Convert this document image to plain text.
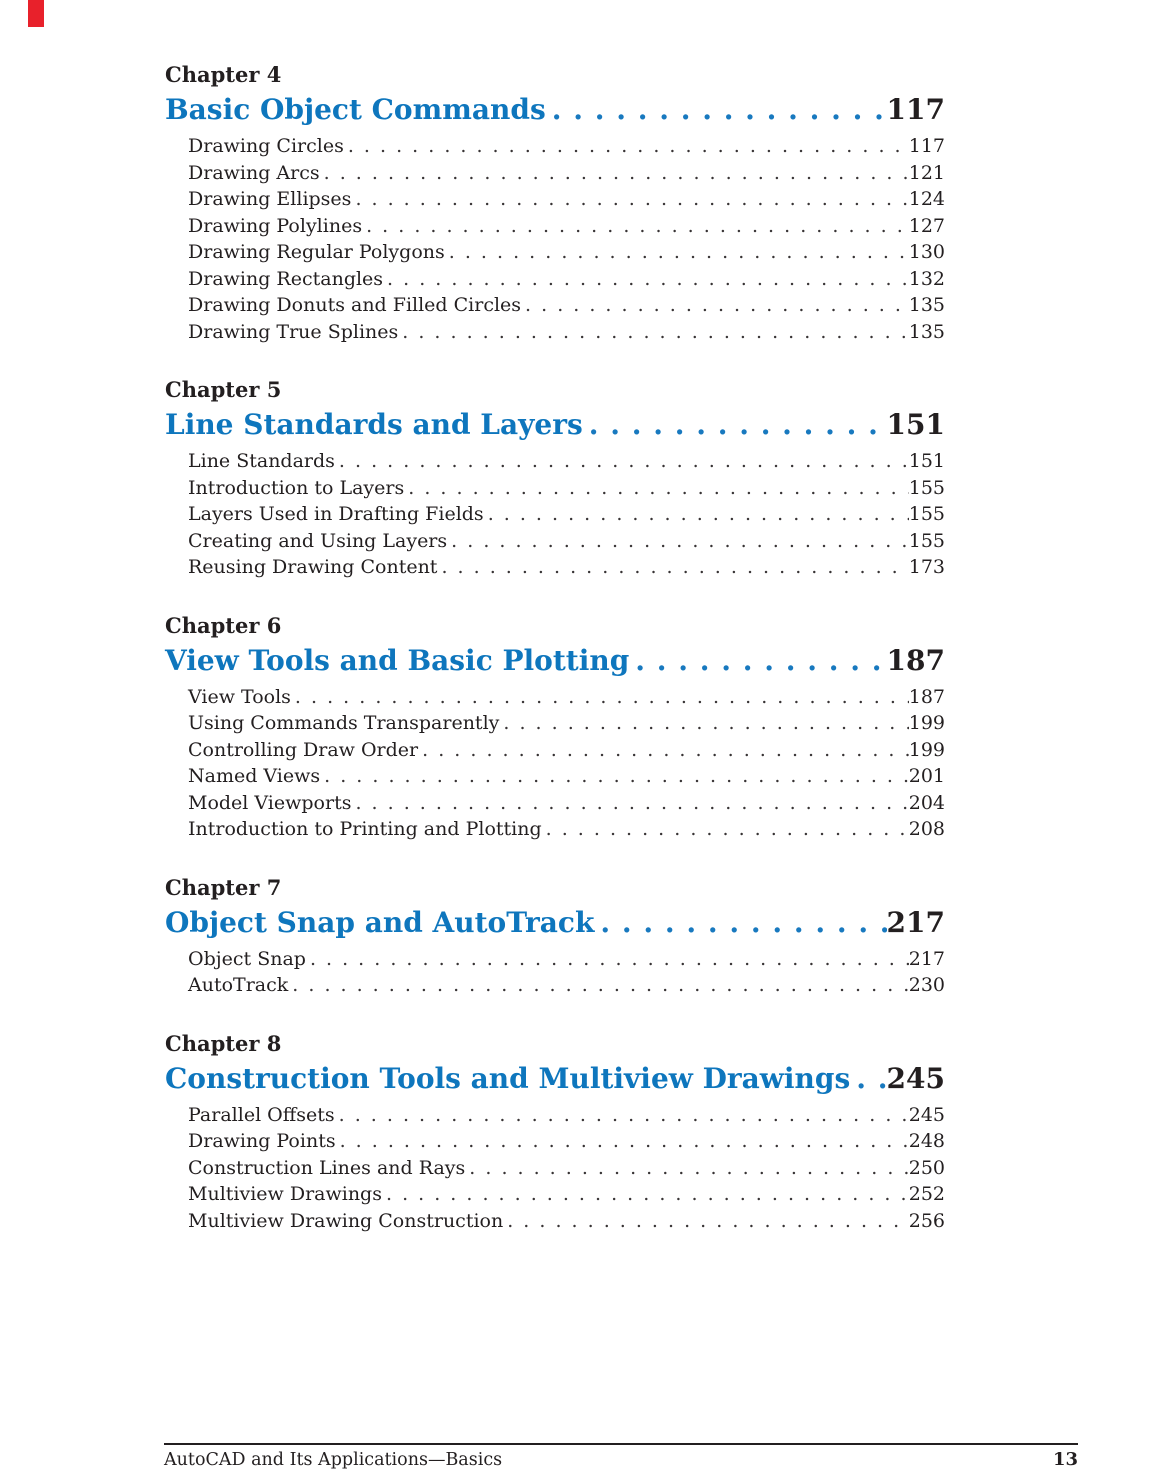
Chapter 4
Basic Object Commands . . .	117
Drawing Circles . . .	117
Drawing Arcs . . .	121
Drawing Ellipses . . .	124
Drawing Polylines . . .	127
Drawing Regular Polygons . . .	130
Drawing Rectangles . . .	132
Drawing Donuts and Filled Circles . . .	135
Drawing True Splines . . .	135
Chapter 5
Line Standards and Layers . . .	151
Line Standards . . .	151
Introduction to Layers . . .	155
Layers Used in Drafting Fields . . .	155
Creating and Using Layers . . .	155
Reusing Drawing Content . . .	173
Chapter 6
View Tools and Basic Plotting . . .	187
View Tools . . .	187
Using Commands Transparently . . .	199
Controlling Draw Order . . .	199
Named Views . . .	201
Model Viewports . . .	204
Introduction to Printing and Plotting . . .	208
Chapter 7
Object Snap and AutoTrack . . .	217
Object Snap . . .	217
AutoTrack . . .	230
Chapter 8
Construction Tools and Multiview Drawings . . . 245
Parallel Offsets . . .	245
Drawing Points . . .	248
Construction Lines and Rays . . .	250
Multiview Drawings . . .	252
Multiview Drawing Construction . . .	256
AutoCAD and Its Applications—Basics	13
